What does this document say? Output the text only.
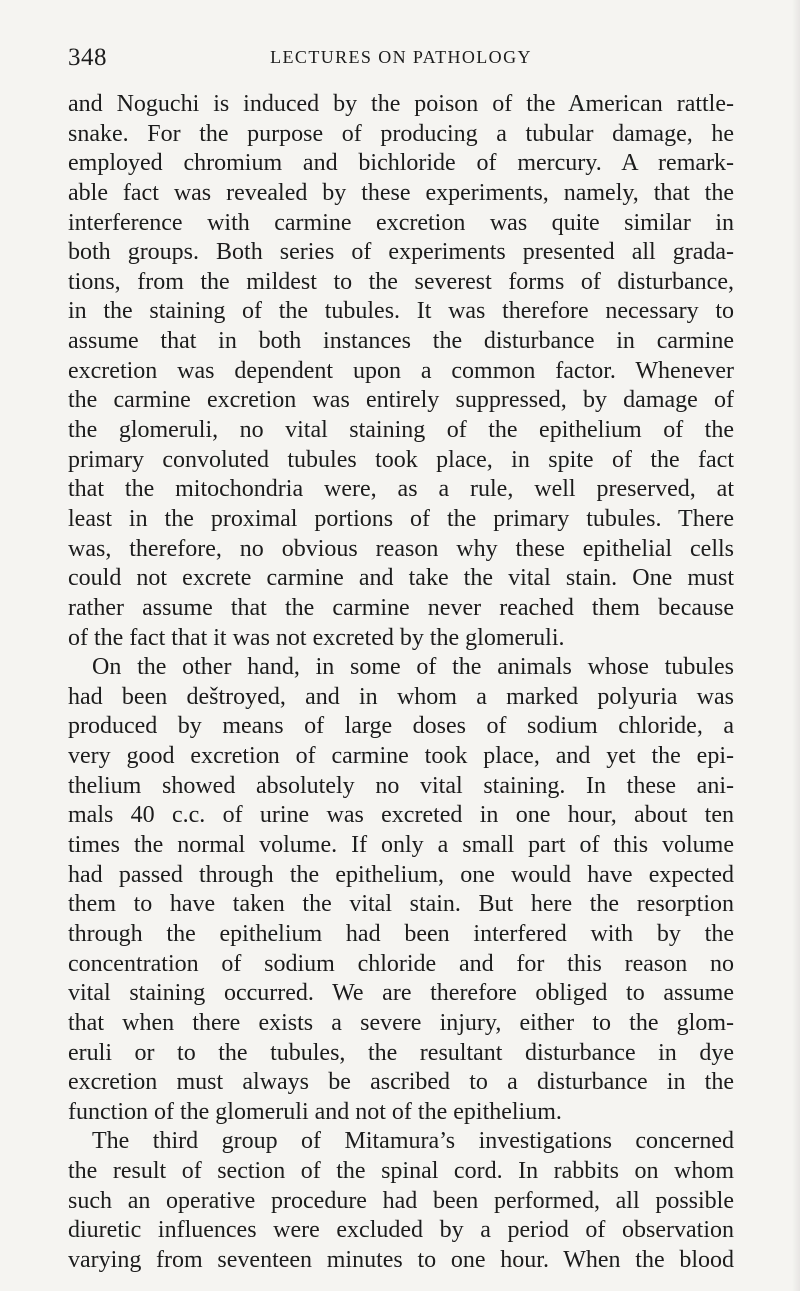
348	LECTURES ON PATHOLOGY
and Noguchi is induced by the poison of the American rattle-
snake. For the purpose of producing a tubular damage, he
employed chromium and bichloride of mercury. A remark-
able fact was revealed by these experiments, namely, that the
interference with carmine excretion was quite similar in
both groups. Both series of experiments presented all grada-
tions, from the mildest to the severest forms of disturbance,
in the staining of the tubules. It was therefore necessary to
assume that in both instances the disturbance in carmine
excretion was dependent upon a common factor. Whenever
the carmine excretion was entirely suppressed, by damage of
the glomeruli, no vital staining of the epithelium of the
primary convoluted tubules took place, in spite of the fact
that the mitochondria were, as a rule, well preserved, at
least in the proximal portions of the primary tubules. There
was, therefore, no obvious reason why these epithelial cells
could not excrete carmine and take the vital stain. One must
rather assume that the carmine never reached them because
of the fact that it was not excreted by the glomeruli.
On the other hand, in some of the animals whose tubules
had been deštroyed, and in whom a marked polyuria was
produced by means of large doses of sodium chloride, a
very good excretion of carmine took place, and yet the epi-
thelium showed absolutely no vital staining. In these ani-
mals 40 c.c. of urine was excreted in one hour, about ten
times the normal volume. If only a small part of this volume
had passed through the epithelium, one would have expected
them to have taken the vital stain. But here the resorption
through the epithelium had been interfered with by the
concentration of sodium chloride and for this reason no
vital staining occurred. We are therefore obliged to assume
that when there exists a severe injury, either to the glom-
eruli or to the tubules, the resultant disturbance in dye
excretion must always be ascribed to a disturbance in the
function of the glomeruli and not of the epithelium.
The third group of Mitamura’s investigations concerned
the result of section of the spinal cord. In rabbits on whom
such an operative procedure had been performed, all possible
diuretic influences were excluded by a period of observation
varying from seventeen minutes to one hour. When the blood
